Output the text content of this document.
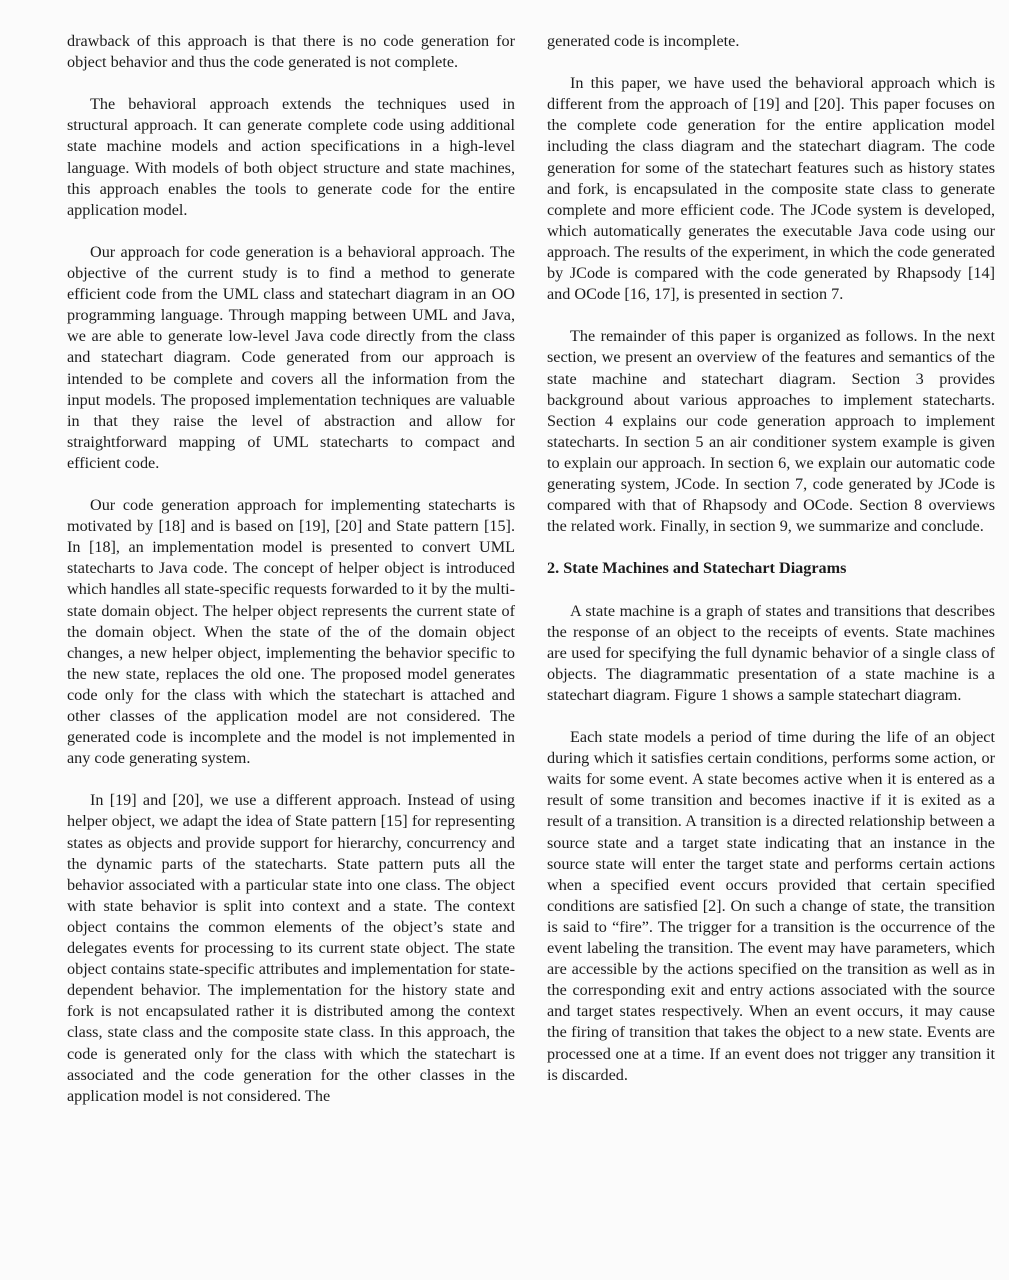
drawback of this approach is that there is no code generation for object behavior and thus the code generated is not complete.

The behavioral approach extends the techniques used in structural approach. It can generate complete code using additional state machine models and action specifications in a high-level language. With models of both object structure and state machines, this approach enables the tools to generate code for the entire application model.

Our approach for code generation is a behavioral approach. The objective of the current study is to find a method to generate efficient code from the UML class and statechart diagram in an OO programming language. Through mapping between UML and Java, we are able to generate low-level Java code directly from the class and statechart diagram. Code generated from our approach is intended to be complete and covers all the information from the input models. The proposed implementation techniques are valuable in that they raise the level of abstraction and allow for straightforward mapping of UML statecharts to compact and efficient code.

Our code generation approach for implementing statecharts is motivated by [18] and is based on [19], [20] and State pattern [15]. In [18], an implementation model is presented to convert UML statecharts to Java code. The concept of helper object is introduced which handles all state-specific requests forwarded to it by the multi-state domain object. The helper object represents the current state of the domain object. When the state of the of the domain object changes, a new helper object, implementing the behavior specific to the new state, replaces the old one. The proposed model generates code only for the class with which the statechart is attached and other classes of the application model are not considered. The generated code is incomplete and the model is not implemented in any code generating system.

In [19] and [20], we use a different approach. Instead of using helper object, we adapt the idea of State pattern [15] for representing states as objects and provide support for hierarchy, concurrency and the dynamic parts of the statecharts. State pattern puts all the behavior associated with a particular state into one class. The object with state behavior is split into context and a state. The context object contains the common elements of the object’s state and delegates events for processing to its current state object. The state object contains state-specific attributes and implementation for state-dependent behavior. The implementation for the history state and fork is not encapsulated rather it is distributed among the context class, state class and the composite state class. In this approach, the code is generated only for the class with which the statechart is associated and the code generation for the other classes in the application model is not considered. The

generated code is incomplete.

In this paper, we have used the behavioral approach which is different from the approach of [19] and [20]. This paper focuses on the complete code generation for the entire application model including the class diagram and the statechart diagram. The code generation for some of the statechart features such as history states and fork, is encapsulated in the composite state class to generate complete and more efficient code. The JCode system is developed, which automatically generates the executable Java code using our approach. The results of the experiment, in which the code generated by JCode is compared with the code generated by Rhapsody [14] and OCode [16, 17], is presented in section 7.

The remainder of this paper is organized as follows. In the next section, we present an overview of the features and semantics of the state machine and statechart diagram. Section 3 provides background about various approaches to implement statecharts. Section 4 explains our code generation approach to implement statecharts. In section 5 an air conditioner system example is given to explain our approach. In section 6, we explain our automatic code generating system, JCode. In section 7, code generated by JCode is compared with that of Rhapsody and OCode. Section 8 overviews the related work. Finally, in section 9, we summarize and conclude.

2. State Machines and Statechart Diagrams

A state machine is a graph of states and transitions that describes the response of an object to the receipts of events. State machines are used for specifying the full dynamic behavior of a single class of objects. The diagrammatic presentation of a state machine is a statechart diagram. Figure 1 shows a sample statechart diagram.

Each state models a period of time during the life of an object during which it satisfies certain conditions, performs some action, or waits for some event. A state becomes active when it is entered as a result of some transition and becomes inactive if it is exited as a result of a transition. A transition is a directed relationship between a source state and a target state indicating that an instance in the source state will enter the target state and performs certain actions when a specified event occurs provided that certain specified conditions are satisfied [2]. On such a change of state, the transition is said to “fire”. The trigger for a transition is the occurrence of the event labeling the transition. The event may have parameters, which are accessible by the actions specified on the transition as well as in the corresponding exit and entry actions associated with the source and target states respectively. When an event occurs, it may cause the firing of transition that takes the object to a new state. Events are processed one at a time. If an event does not trigger any transition it is discarded.
